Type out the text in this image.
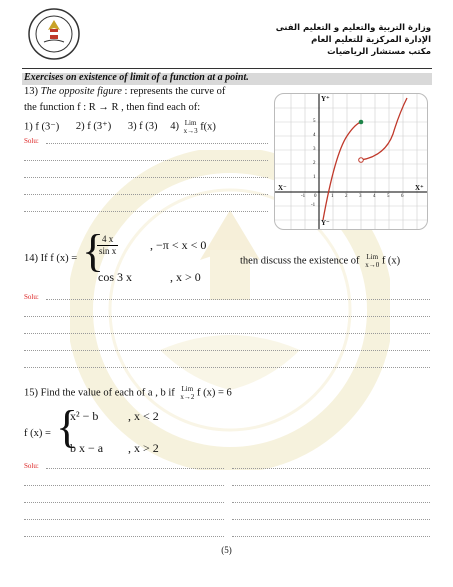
وزارة التربية والتعليم و التعليم الفنى
الإدارة المركزية للتعليم العام
مكتب مستشار الرياضيات
Exercises on existence of limit of a function at a point.
13) The opposite figure : represents the curve of
the function f : R → R , then find each of:
1) f (3⁻) 2) f (3⁺) 3) f (3) 4) Lim
x→3 f(x)
Solu:
Y⁺
Y⁻
X⁺
X⁻
-1 0	1 2 3 4 5 6
5
4
3
2
1
-1
14) If f (x) = {
$\frac{4 x}{\text{sin x}}$	, −π < x < 0
cos 3 x	, x > 0
then discuss the existence of Lim
x→0 f (x)
Solu:
15) Find the value of each of a , b if Lim
x→2 f (x) = 6
f (x) = {
x² − b , x < 2
b x − a , x > 2
Solu:
(5)
